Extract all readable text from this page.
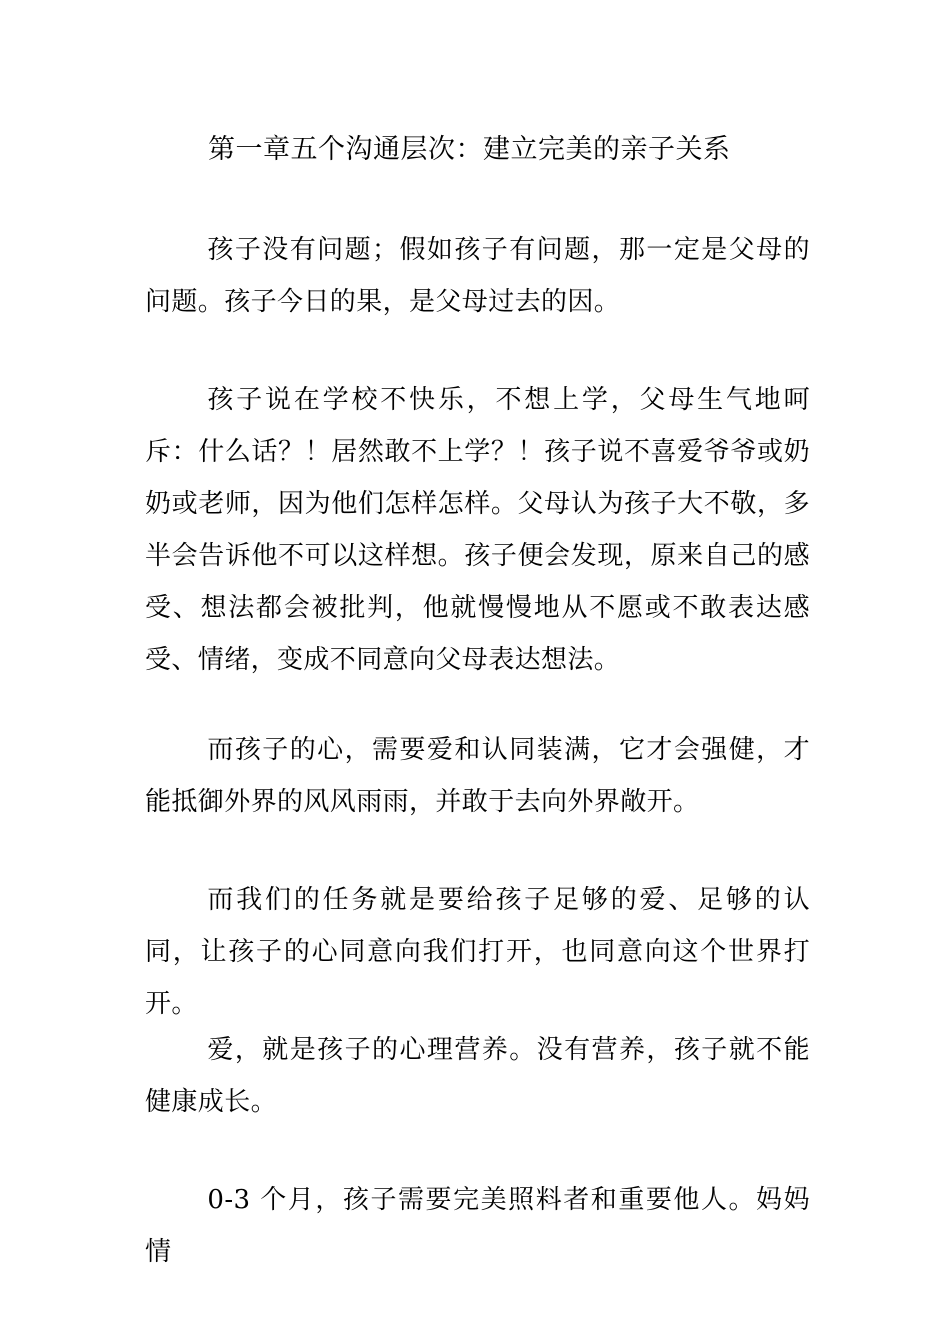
第一章五个沟通层次：建立完美的亲子关系

孩子没有问题；假如孩子有问题，那一定是父母的问题。孩子今日的果，是父母过去的因。

孩子说在学校不快乐，不想上学，父母生气地呵斥：什么话？！居然敢不上学？！孩子说不喜爱爷爷或奶奶或老师，因为他们怎样怎样。父母认为孩子大不敬，多半会告诉他不可以这样想。孩子便会发现，原来自己的感受、想法都会被批判，他就慢慢地从不愿或不敢表达感受、情绪，变成不同意向父母表达想法。

而孩子的心，需要爱和认同装满，它才会强健，才能抵御外界的风风雨雨，并敢于去向外界敞开。

而我们的任务就是要给孩子足够的爱、足够的认同，让孩子的心同意向我们打开，也同意向这个世界打开。

爱，就是孩子的心理营养。没有营养，孩子就不能健康成长。

0-3 个月，孩子需要完美照料者和重要他人。妈妈情
